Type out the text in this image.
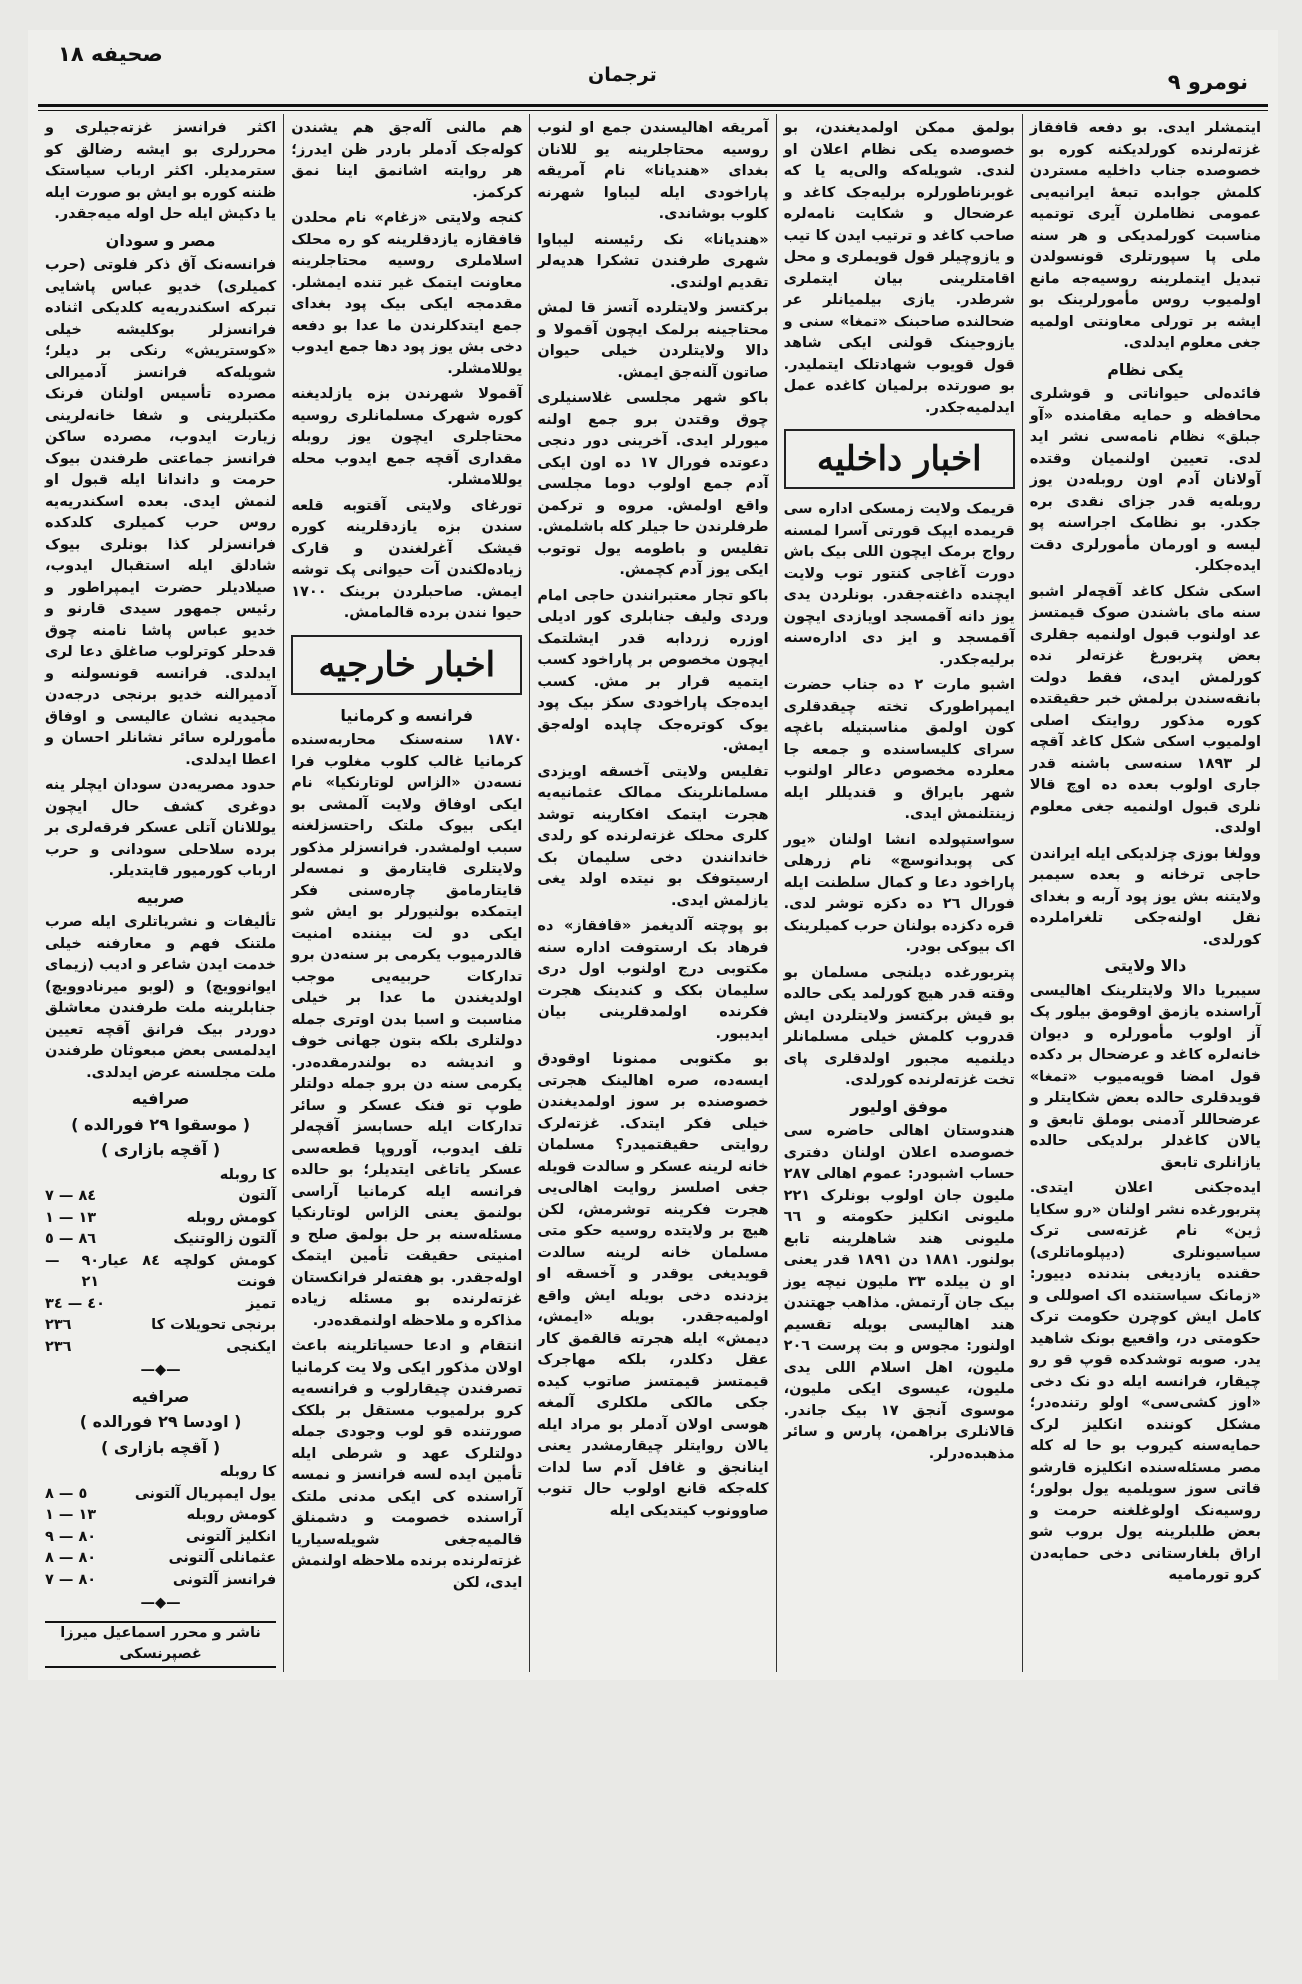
صحیفه ١٨
ترجمان	نومرو ٩

ایتمشلر ایدی. بو دفعه قافقاز غزته‌لرنده کورلدیکنه کوره بو خصوصده جناب داخلیه مستردن کلمش جوابده تبعهٔ ایرانیه‌یی عمومی نظاملرن آیری توتمیه مناسبت کورلمدیکی و هر سنه ملی پا سپورتلری قونسولدن تبدیل ایتملرینه روسیه‌جه مانع اولمیوب روس مأمورلرینک بو ایشه بر تورلی معاونتی اولمیه جغی معلوم ایدلدی.

یکی نظام

فائده‌لی حیواناتی و قوشلری محافظه و حمایه مقامنده «آو جبلق» نظام نامه‌سی نشر اید لدی. تعیین اولنمیان وقتده آولانان آدم اون روبله‌دن یوز روبله‌یه قدر جزای نقدی بره جکدر. بو نظامک اجراسنه پو لیسه و اورمان مأمورلری دقت ایده‌جکلر.

اسکی شکل کاغد آقچه‌لر اشبو سنه مای باشندن صوک قیمتسز عد اولنوب قبول اولنمیه جقلری بعض پتربورغ غزته‌لر نده کورلمش ایدی، فقط دولت بانقه‌سندن برلمش خبر حقیقتده کوره مذکور روایتک اصلی اولمیوب اسکی شکل کاغد آقچه لر ١٨٩٣ سنه‌سی باشنه قدر جاری اولوب بعده ده اوچ قالا نلری قبول اولنمیه جغی معلوم اولدی.

وولغا بوزی چزلدیکی ایله ایراندن حاجی ترخانه و بعده سیمبر ولایتنه بش یوز پود آربه و بغدای نقل اولنه‌جکی تلغراملرده کورلدی.

دالا ولایتی

سیبریا دالا ولایتلرینک اهالیسی آراسنده یازمق اوقومق بیلور پک آز اولوب مأمورلره و دیوان خانه‌لره کاغد و عرضحال بر دکده قول امضا قویه‌میوب «تمغا» قویدقلری حالده بعض شکایتلر و عرضحاللر آدمنی بوملق تابعق و یالان کاغدلر برلدیکی حالده یازانلری تابعق

ایده‌جکنی اعلان ایتدی. پتربورغده نشر اولنان «رو سکایا ژین» نام غزته‌سی ترک سیاسیونلری (دیپلوماتلری) حقنده یازدیغی بندنده دییور: «زمانک سیاستنده اک اصوللی و کامل ایش کوچرن حکومت ترک حکومتی در، واقعیع بونک شاهید یدر. صوبه توشدکده قوپ قو رو چیقار، فرانسه ایله دو نک دخی «اوز کشی‌سی» اولو رتنده‌در؛ مشکل کوننده انکلیز لرک حمایه‌سنه کیروب بو حا له کله مصر مسئله‌سنده انکلیزه قارشو قاتی سوز سویلمیه یول بولور؛ روسیه‌نک اولوغلغنه حرمت و بعض طلبلرینه یول بروب شو اراق بلغارستانی دخی حمایه‌دن کرو تورمامیه

بولمق ممکن اولمدیغندن، بو خصوصده یکی نظام اعلان او لندی. شویله‌که والی‌یه یا که غوبرناطورلره برلیه‌جک کاغد و عرضحال و شکایت نامه‌لره صاحب کاغد و ترتیب ایدن کا تیب و یازوچیلر قول قویملری و محل اقامتلرینی بیان ایتملری شرطدر. یازی بیلمیانلر عر ضحالنده صاحبنک «تمغا» سنی و یازوجینک قولنی ایکی شاهد قول قویوب شهادتلک ایتملیدر. بو صورتده برلمیان کاغده عمل ایدلمیه‌جکدر.

اخبار داخلیه

قریمک ولایت زمسکی اداره سی قریمده ایپک قورتی آسرا لمسنه رواج برمک ایچون اللی بیک باش دورت آغاجی کنتور توب ولایت ایچنده داغته‌جقدر. بونلردن یدی یوز دانه آقمسجد اویازدی ایچون آقمسجد و ایز دی اداره‌سنه برلیه‌جکدر.

اشبو مارت ٢ ده جناب حضرت ایمپراطورک تخته چیقدقلری کون اولمق مناسبتیله باغچه سرای کلیساسنده و جمعه جا معلرده مخصوص دعالر اولنوب شهر بایراق و قندیللر ایله زینتلنمش ایدی.

سواستپولده انشا اولنان «یور کی پوبدانوسچ» نام زرهلی پاراخود دعا و کمال سلطنت ایله فورال ٢٦ ده دکزه توشر لدی. قره دکزده بولنان حرب کمیلرینک اک بیوکی بودر.

پتربورغده دیلنجی مسلمان بو وقته قدر هیچ کورلمد یکی حالده بو قیش برکتسز ولایتلردن ایش قدروب کلمش خیلی مسلمانلر دیلنمیه مجبور اولدقلری پای تخت غزته‌لرنده کورلدی.

موفق اولیور

هندوستان اهالی حاضره سی خصوصده اعلان اولنان دفتری حساب اشبودر: عموم اهالی ٢٨٧ ملیون جان اولوب بونلرک ٢٢١ ملیونی انکلیز حکومته و ٦٦ ملیونی هند شاهلرینه تابع بولنور. ١٨٨١ دن ١٨٩١ قدر یعنی او ن ییلده ٣٣ ملیون نیچه یوز بیک جان آرتمش. مذاهب جهتندن هند اهالیسی بویله تقسیم اولنور: مجوس و بت پرست ٢٠٦ ملیون، اهل اسلام اللی یدی ملیون، عیسوی ایکی ملیون، موسوی آنجق ١٧ بیک جاندر. قالانلری براهمن، پارس و سائر مذهبده‌درلر.

آمریقه اهالیسندن جمع او لنوب روسیه محتاجلرینه یو للانان بغدای «هندیانا» نام آمریقه پاراخودی ایله لیباوا شهرنه کلوب بوشاندی.

«هندیانا» نک رئیسنه لیباوا شهری طرفندن تشکرا هدیه‌لر تقدیم اولندی.

برکتسز ولایتلرده آتسز قا لمش محتاجینه برلمک ایچون آقمولا و دالا ولایتلردن خیلی حیوان صاتون آلنه‌جق ایمش.

باکو شهر مجلسی غلاسنیلری چوق وقتدن برو جمع اولنه میورلر ایدی. آخرینی دور دنجی دعوتده فورال ١٧ ده اون ایکی آدم جمع اولوب دوما مجلسی واقع اولمش. مروه و ترکمن طرفلرندن حا جیلر کله باشلمش. تفلیس و باطومه یول توتوب ایکی یوز آدم کچمش.

باکو تجار معتبرانندن حاجی امام وردی ولیف جنابلری کور ادیلی اوزره زردابه قدر ایشلتمک ایچون مخصوص بر پاراخود کسب ایتمیه قرار بر مش. کسب ایده‌جک پاراخودی سکز بیک پود یوک کوتره‌جک چاپده اوله‌جق ایمش.

تفلیس ولایتی آخسقه اویزدی مسلمانلرینک ممالک عثمانیه‌یه هجرت ایتمک افکارینه توشد کلری محلک غزته‌لرنده کو رلدی خاندانندن دخی سلیمان بک ارسیتوفک بو نیتده اولد یغی یازلمش ایدی.

بو پوچته آلدیغمز «قافقاز» ده فرهاد بک ارستوفت اداره سنه مکتوبی درج اولنوب اول دری سلیمان بکک و کندینک هجرت فکرنده اولمدقلرینی بیان ایدیبور.

بو مکتوبی ممنونا اوقودق ایسه‌ده، صره اهالینک هجرتی خصوصنده بر سوز اولمدیغندن خیلی فکر ایتدک. غزته‌لرک روایتی حقیقتمیدر؟ مسلمان خانه لرینه عسکر و سالدت قویله جغی اصلسز روایت اهالی‌یی هجرت فکرینه توشرمش، لکن هیچ بر ولایتده روسیه حکو متی مسلمان خانه لرینه سالدت قویدیغی یوقدر و آخسقه او یزدنده دخی بویله ایش واقع اولمیه‌جقدر. بویله «ایمش، دیمش» ایله هجرته قالقمق کار عقل دکلدر، بلکه مهاجرک قیمتسز قیمتسز صاتوب کیده جکی مالکی ملکلری آلمغه هوسی اولان آدملر بو مراد ایله یالان روایتلر چیقارمشدر یعنی اینانجق و غافل آدم سا لدات کله‌جکه قانع اولوب حال تنوب صاوونوب کیتدیکی ایله

هم مالنی آله‌جق هم یشندن کوله‌جک آدملر باردر ظن ایدرز؛ هر روایته اشانمق اینا نمق کرکمز.

کنجه ولایتی «زغام» نام محلدن قافقازه یازدقلرینه کو ره محلک اسلاملری روسیه محتاجلرینه معاونت ایتمک غیر تنده ایمشلر. مقدمجه ایکی بیک پود بغدای جمع ایتدکلرندن ما عدا بو دفعه دخی بش یوز پود دها جمع ایدوب یوللامشلر.

آقمولا شهرندن بزه یازلدیغنه کوره شهرک مسلمانلری روسیه محتاجلری ایچون یوز روبله مقداری آقچه جمع ایدوب محله یوللامشلر.

تورغای ولایتی آقتوبه قلعه سندن بزه یازدقلرینه کوره قیشک آغرلغندن و قارک زیاده‌لکندن آت حیوانی پک توشه ایمش. صاحبلردن برینک ١٧٠٠ حیوا نندن برده قالمامش.

اخبار خارجیه
فرانسه و کرمانیا

١٨٧٠ سنه‌سنک محاربه‌سنده کرمانیا غالب کلوب مغلوب فرا نسه‌دن «الزاس لوتارنکیا» نام ایکی اوفاق ولایت آلمشی بو ایکی بیوک ملتک راحتسزلغنه سبب اولمشدر. فرانسزلر مذکور ولایتلری قایتارمق و نمسه‌لر قایتارمامق چاره‌سنی فکر ایتمکده بولنیورلر بو ایش شو ایکی دو لت بیننده امنیت قالدرمیوب یکرمی بر سنه‌دن برو تدارکات حربیه‌یی موجب اولدیغندن ما عدا بر خیلی مناسبت و اسبا بدن اوتری جمله دولتلری بلکه بتون جهانی خوف و اندیشه ده بولندرمقده‌در. یکرمی سنه دن برو جمله دولتلر طوپ تو فنک عسکر و سائر تدارکات ایله حسابسز آقچه‌لر تلف ایدوب، آوروپا قطعه‌سی عسکر یاتاغی ایتدیلر؛ بو حالده فرانسه ایله کرمانیا آراسی بولنمق یعنی الزاس لوتارنکیا مسئله‌سنه بر حل بولمق صلح و امنیتی حقیقت تأمین ایتمک اوله‌جقدر. بو هفته‌لر فرانکستان غزته‌لرنده بو مسئله زیاده مذاکره و ملاحظه اولنمقده‌در.

انتقام و ادعا حسیاتلرینه باعث اولان مذکور ایکی ولا یت کرمانیا تصرفندن چیقارلوب و فرانسه‌یه کرو برلمیوب مستقل بر بلکک صورتنده قو لوب وجودی جمله دولتلرک عهد و شرطی ایله تأمین ایده لسه فرانسز و نمسه آراسنده کی ایکی مدنی ملتک آراسنده خصومت و دشمنلق قالمیه‌جغی شویله‌سیاریا غزته‌لرنده برنده ملاحظه اولنمش ایدی، لکن

اکثر فرانسز غزته‌جیلری و محررلری بو ایشه رضالق کو سترمدیلر. اکثر ارباب سیاستک ظننه کوره بو ایش بو صورت ایله یا دکیش ایله حل اوله میه‌جقدر.

مصر و سودان

فرانسه‌نک آق ذکر فلوتی (حرب کمیلری) خدیو عباس پاشایی تبرکه اسکندریه‌یه کلدیکی اثناده فرانسزلر بوکلیشه خیلی «کوستریش» رنکی بر دیلر؛ شویله‌که فرانسز آدمیرالی مصرده تأسیس اولنان فرنک مکتبلرینی و شفا خانه‌لرینی زیارت ایدوب، مصرده ساکن فرانسز جماعتی طرفندن بیوک حرمت و داندانا ایله قبول او لنمش ایدی. بعده اسکندریه‌یه روس حرب کمیلری کلدکده فرانسزلر کذا بونلری بیوک شادلق ایله استقبال ایدوب، صیلادیلر حضرت ایمپراطور و رئیس جمهور سیدی قارنو و خدیو عباس پاشا نامنه چوق قدحلر کوترلوب صاغلق دعا لری ایدلدی. فرانسه قونسولنه و آدمیرالنه خدیو برنجی درجه‌دن مجیدیه نشان عالیسی و اوفاق مأمورلره سائر نشانلر احسان و اعطا ایدلدی.

حدود مصریه‌دن سودان ایچلر ینه دوغری کشف حال ایچون یوللانان آتلی عسکر فرقه‌لری بر برده سلاحلی سودانی و حرب ارباب کورمیور قایتدیلر.

صربیه

تألیفات و نشریاتلری ایله صرب ملتنک فهم و معارفنه خیلی خدمت ایدن شاعر و ادیب (زیمای ایوانوویچ) و (لوبو میرنادوویچ) جنابلرینه ملت طرفندن معاشلق دوردر بیک فرانق آقچه تعیین ایدلمسی بعض مبعوثان طرفندن ملت مجلسنه عرض ایدلدی.

صرافیه
( موسقوا ٢٩ فورالده )
( آقچه بازاری )
کا روبله
آلتون
٨٤ — ٧
کومش روبله
١٣ — ١
آلتون زالوتنیک
٨٦ — ٥
کومش کولچه ٨٤ عیار فونت
٩٠ — ٢١
تمیز
٤٠ — ٣٤
برنجی تحویلات کا
٢٣٦
ایکنجی
٢٣٦
—◆—
صرافیه
( اودسا ٢٩ فورالده )
( آقچه بازاری )
کا روبله
یول ایمپریال آلتونی
٥ — ٨
کومش روبله
١٣ — ١
انکلیز آلتونی
٨٠ — ٩
عثمانلی آلتونی
٨٠ — ٨
فرانسز آلتونی
٨٠ — ٧
—◆—
ناشر و محرر اسماعیل میرزا غصپرنسکی
